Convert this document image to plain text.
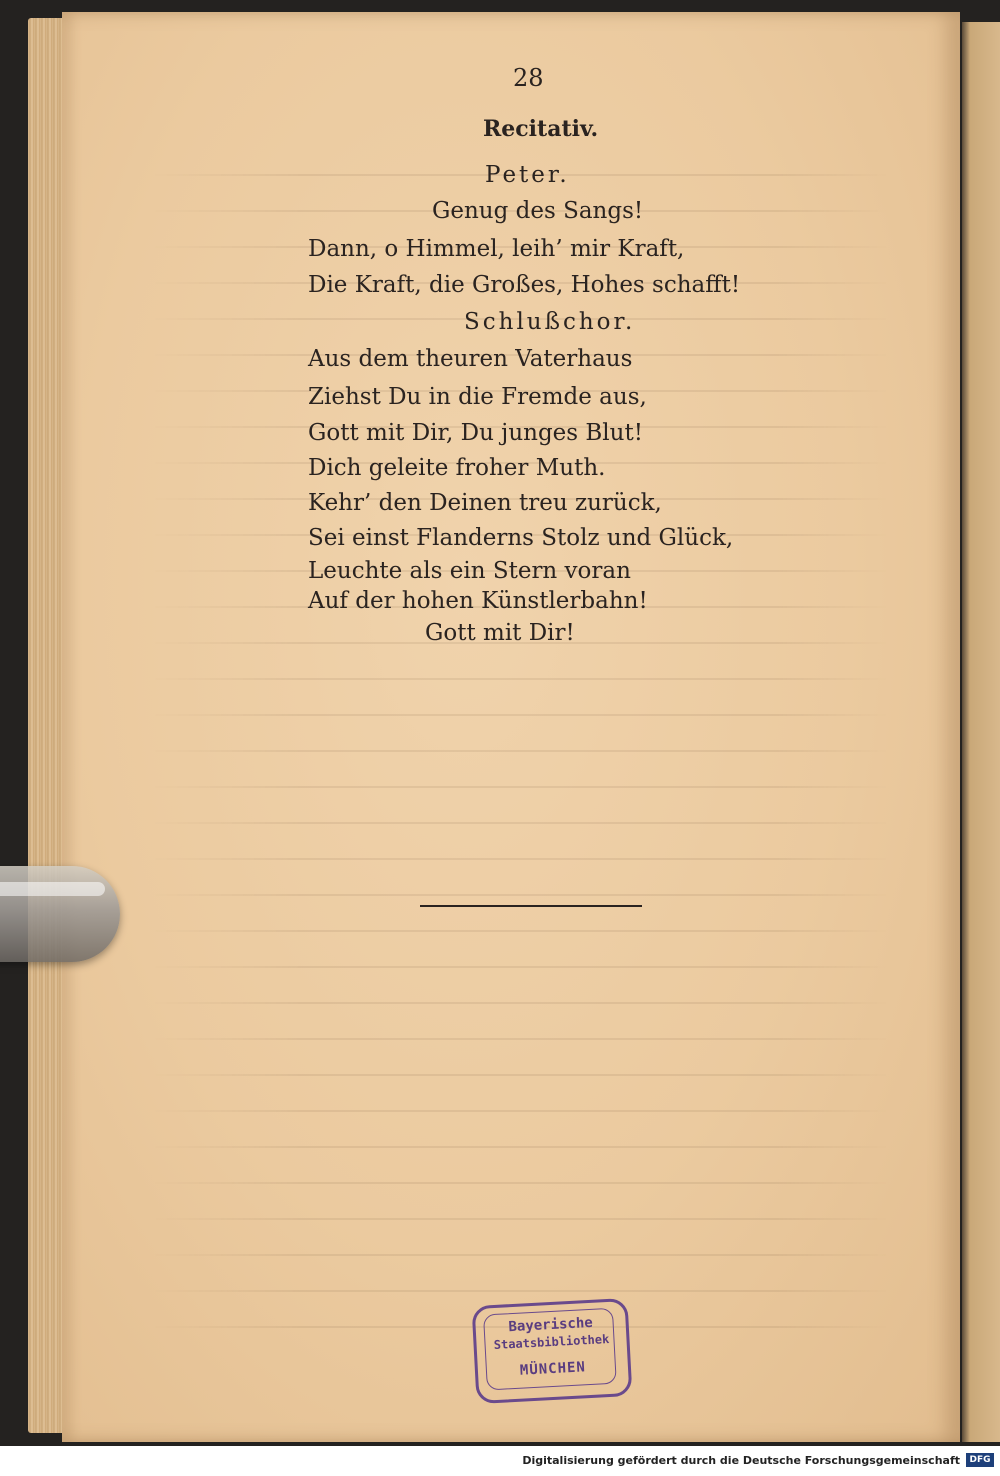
28
Recitativ.
Peter.
Genug des Sangs!
Dann, o Himmel, leih’ mir Kraft,
Die Kraft, die Großes, Hohes schafft!
Schlußchor.
Aus dem theuren Vaterhaus
Ziehst Du in die Fremde aus,
Gott mit Dir, Du junges Blut!
Dich geleite froher Muth.
Kehr’ den Deinen treu zurück,
Sei einst Flanderns Stolz und Glück,
Leuchte als ein Stern voran
Auf der hohen Künstlerbahn!
Gott mit Dir!
Bayerische
Staatsbibliothek
MÜNCHEN
Digitalisierung gefördert durch die Deutsche Forschungsgemeinschaft	DFG
